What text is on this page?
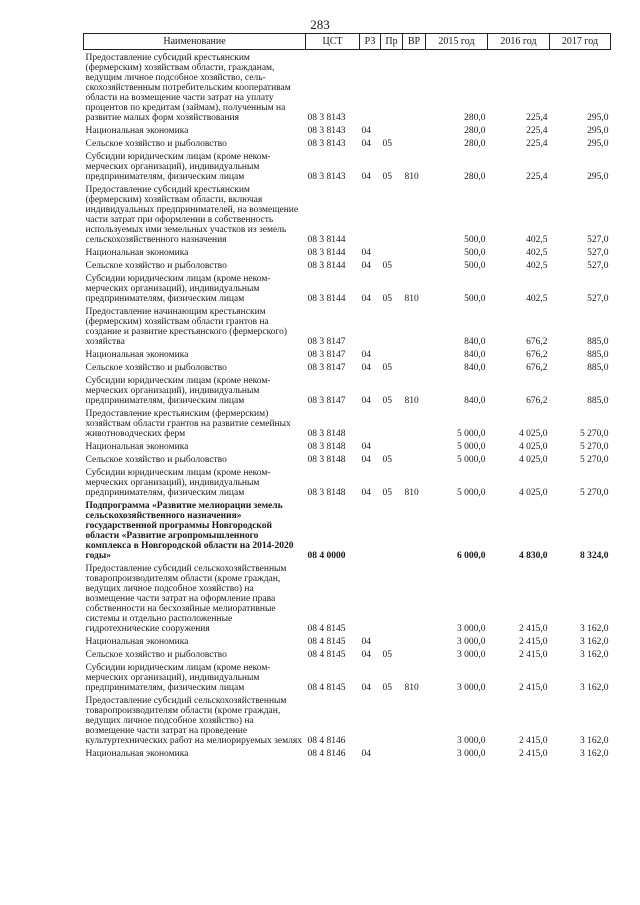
283
Наименование	ЦСТ	РЗ	Пр	ВР	2015 год	2016 год	2017 год
Предоставление субсидий крестьянским (фермерским) хозяйствам области, гражданам, ведущим личное подсобное хозяйство, сельскохозяйственным потребительским кооперативам области на возмещение части затрат на уплату процентов по кредитам (займам), полученным на развитие малых форм хозяйствования	08 3 8143				280,0	225,4	295,0
Национальная экономика	08 3 8143	04			280,0	225,4	295,0
Сельское хозяйство и рыболовство	08 3 8143	04	05		280,0	225,4	295,0
Субсидии юридическим лицам (кроме некоммерческих организаций), индивидуальным предпринимателям, физическим лицам	08 3 8143	04	05	810	280,0	225,4	295,0
Предоставление субсидий крестьянским (фермерским) хозяйствам области, включая индивидуальных предпринимателей, на возмещение части затрат при оформлении в собственность используемых ими земельных участков из земель сельскохозяйственного назначения	08 3 8144				500,0	402,5	527,0
Национальная экономика	08 3 8144	04			500,0	402,5	527,0
Сельское хозяйство и рыболовство	08 3 8144	04	05		500,0	402,5	527,0
Субсидии юридическим лицам (кроме некоммерческих организаций), индивидуальным предпринимателям, физическим лицам	08 3 8144	04	05	810	500,0	402,5	527,0
Предоставление начинающим крестьянским (фермерским) хозяйствам области грантов на создание и развитие крестьянского (фермерского) хозяйства	08 3 8147				840,0	676,2	885,0
Национальная экономика	08 3 8147	04			840,0	676,2	885,0
Сельское хозяйство и рыболовство	08 3 8147	04	05		840,0	676,2	885,0
Субсидии юридическим лицам (кроме некоммерческих организаций), индивидуальным предпринимателям, физическим лицам	08 3 8147	04	05	810	840,0	676,2	885,0
Предоставление крестьянским (фермерским) хозяйствам области грантов на развитие семейных животноводческих ферм	08 3 8148				5 000,0	4 025,0	5 270,0
Национальная экономика	08 3 8148	04			5 000,0	4 025,0	5 270,0
Сельское хозяйство и рыболовство	08 3 8148	04	05		5 000,0	4 025,0	5 270,0
Субсидии юридическим лицам (кроме некоммерческих организаций), индивидуальным предпринимателям, физическим лицам	08 3 8148	04	05	810	5 000,0	4 025,0	5 270,0
Подпрограмма «Развитие мелиорации земель сельскохозяйственного назначения» государственной программы Новгородской области «Развитие агропромышленного комплекса в Новгородской области на 2014-2020 годы»	08 4 0000				6 000,0	4 830,0	8 324,0
Предоставление субсидий сельскохозяйственным товаропроизводителям области (кроме граждан, ведущих личное подсобное хозяйство) на возмещение части затрат на оформление права собственности на бесхозяйные мелиоративные системы и отдельно расположенные гидротехнические сооружения	08 4 8145				3 000,0	2 415,0	3 162,0
Национальная экономика	08 4 8145	04			3 000,0	2 415,0	3 162,0
Сельское хозяйство и рыболовство	08 4 8145	04	05		3 000,0	2 415,0	3 162,0
Субсидии юридическим лицам (кроме некоммерческих организаций), индивидуальным предпринимателям, физическим лицам	08 4 8145	04	05	810	3 000,0	2 415,0	3 162,0
Предоставление субсидий сельскохозяйственным товаропроизводителям области (кроме граждан, ведущих личное подсобное хозяйство) на возмещение части затрат на проведение культуртехнических работ на мелиорируемых землях	08 4 8146				3 000,0	2 415,0	3 162,0
Национальная экономика	08 4 8146	04			3 000,0	2 415,0	3 162,0
